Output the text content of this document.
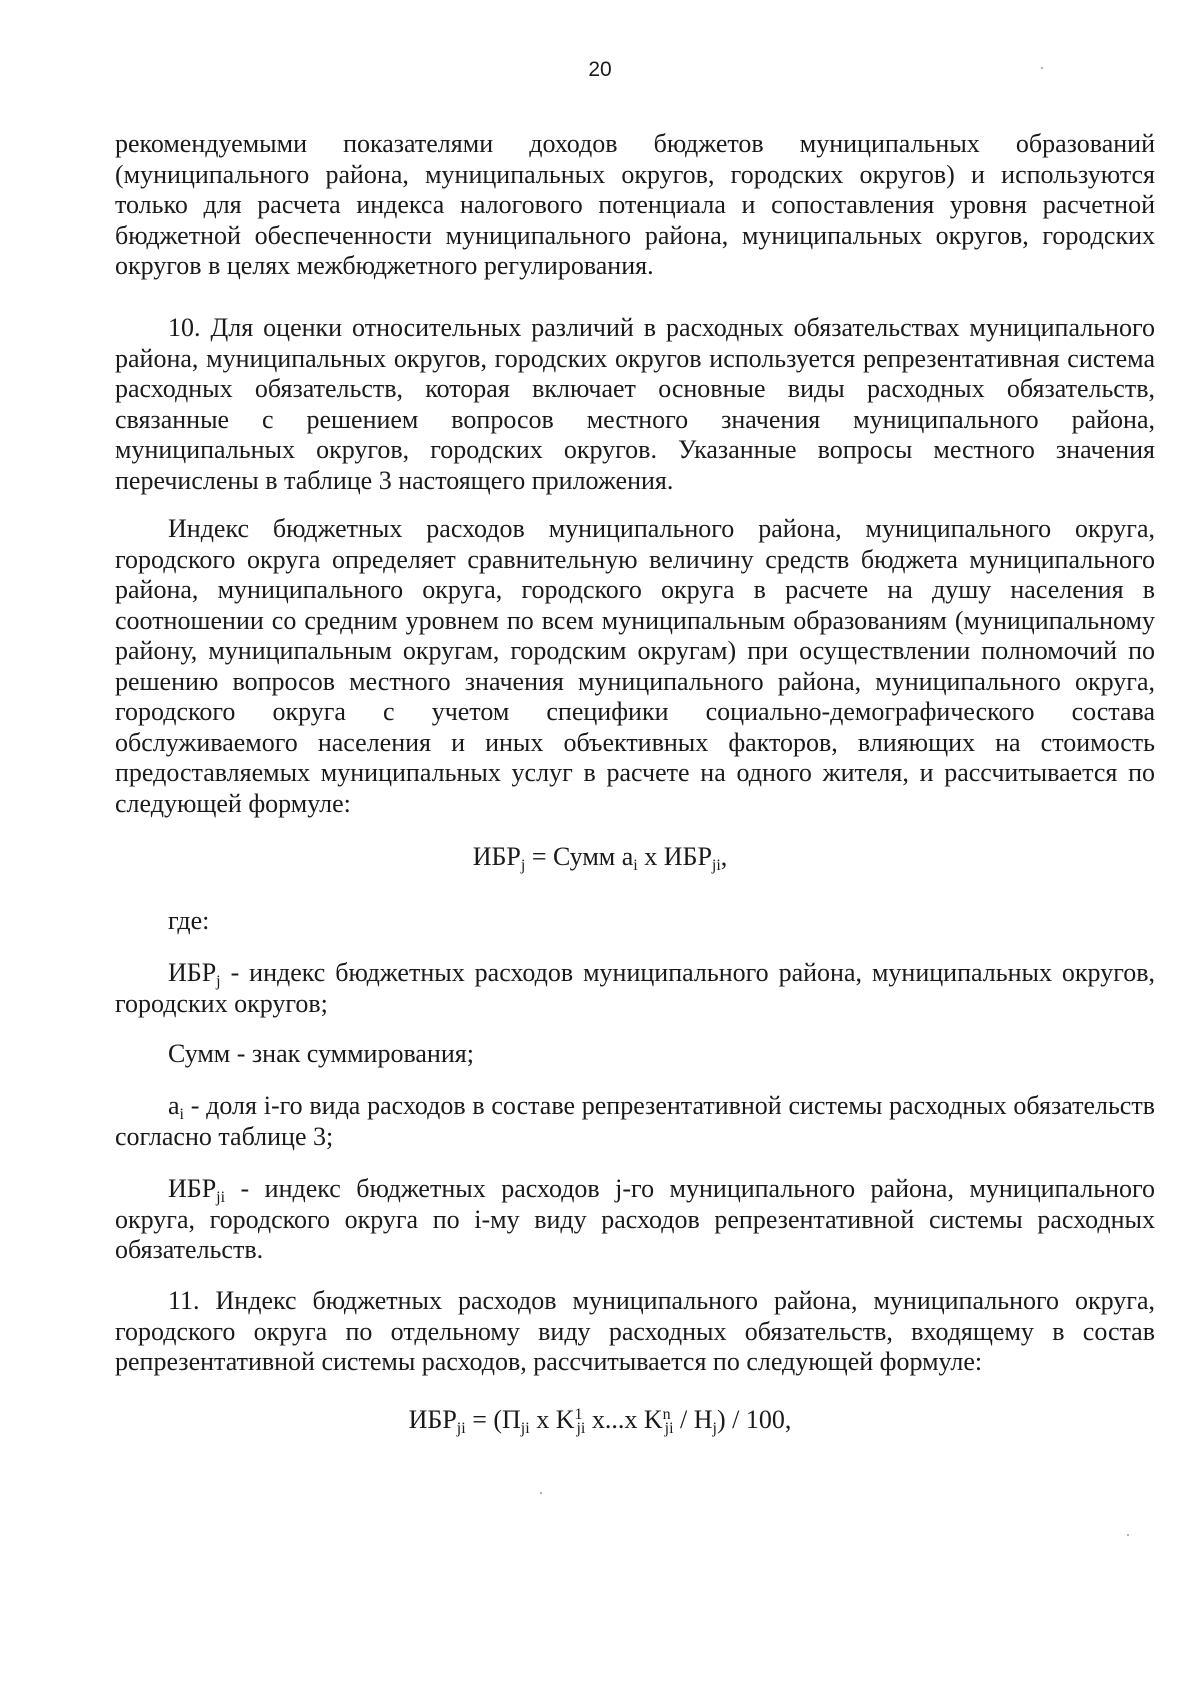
20

рекомендуемыми показателями доходов бюджетов муниципальных образований (муниципального района, муниципальных округов, городских округов) и используются только для расчета индекса налогового потенциала и сопоставления уровня расчетной бюджетной обеспеченности муниципального района, муниципальных округов, городских округов в целях межбюджетного регулирования.

10. Для оценки относительных различий в расходных обязательствах муниципального района, муниципальных округов, городских округов используется репрезентативная система расходных обязательств, которая включает основные виды расходных обязательств, связанные с решением вопросов местного значения муниципального района, муниципальных округов, городских округов. Указанные вопросы местного значения перечислены в таблице 3 настоящего приложения.

Индекс бюджетных расходов муниципального района, муниципального округа, городского округа определяет сравнительную величину средств бюджета муниципального района, муниципального округа, городского округа в расчете на душу населения в соотношении со средним уровнем по всем муниципальным образованиям (муниципальному району, муниципальным округам, городским округам) при осуществлении полномочий по решению вопросов местного значения муниципального района, муниципального округа, городского округа с учетом специфики социально-демографического состава обслуживаемого населения и иных объективных факторов, влияющих на стоимость предоставляемых муниципальных услуг в расчете на одного жителя, и рассчитывается по следующей формуле:

$ИБР_j$ = Сумм $a_i$ x $ИБР_{ji}$,

где:

$ИБР_j$ - индекс бюджетных расходов муниципального района, муниципальных округов, городских округов;

Сумм - знак суммирования;

$a_i$ - доля i-го вида расходов в составе репрезентативной системы расходных обязательств согласно таблице 3;

$ИБР_{ji}$ - индекс бюджетных расходов j-го муниципального района, муниципального округа, городского округа по i-му виду расходов репрезентативной системы расходных обязательств.

11. Индекс бюджетных расходов муниципального района, муниципального округа, городского округа по отдельному виду расходных обязательств, входящему в состав репрезентативной системы расходов, рассчитывается по следующей формуле:

$ИБР_{ji} = (П_{ji}$ x $K^1_{ji}$ x...x $K^n_{ji} / Н_j) / 100$,
